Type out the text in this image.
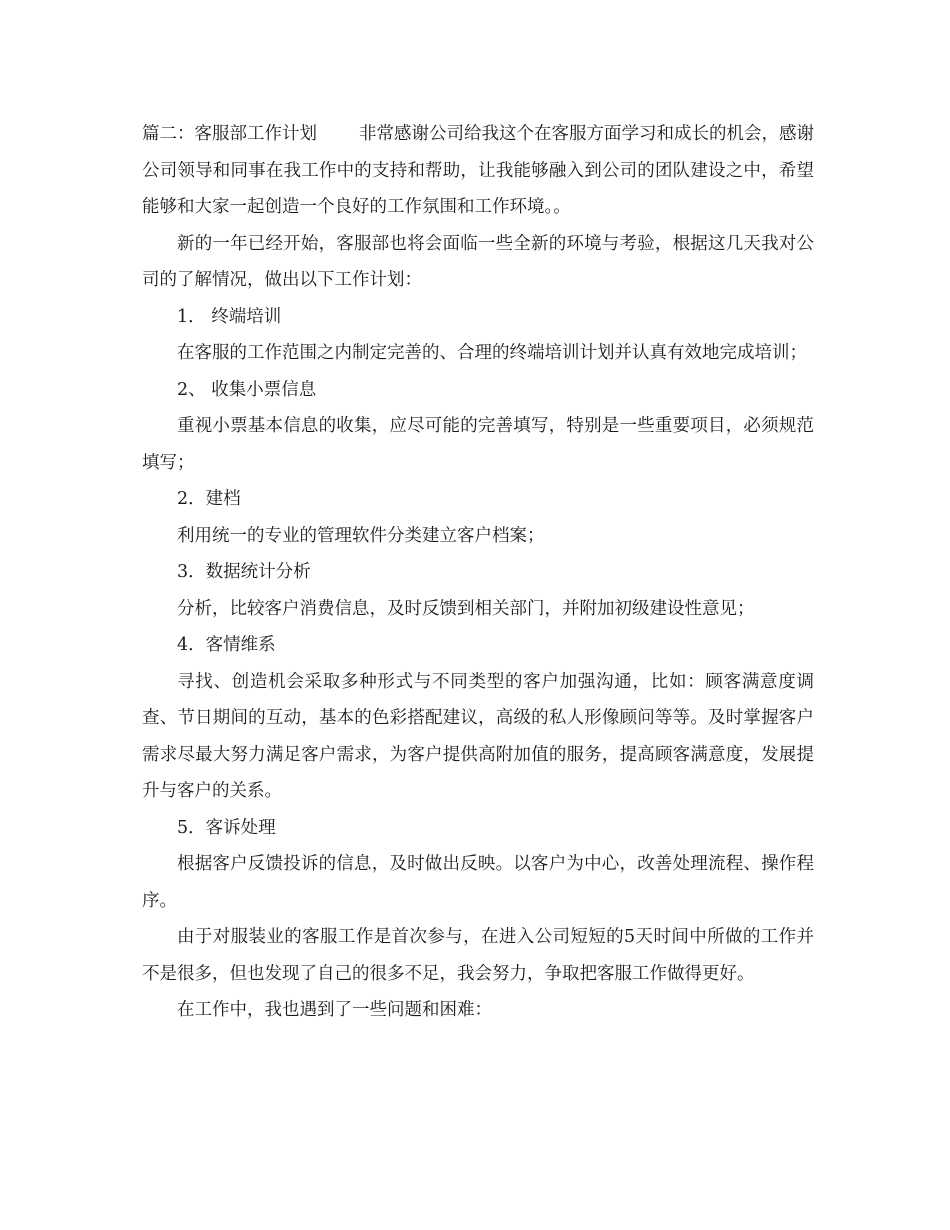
篇二：客服部工作计划 非常感谢公司给我这个在客服方面学习和成长的机会，感谢公司领导和同事在我工作中的支持和帮助，让我能够融入到公司的团队建设之中，希望能够和大家一起创造一个良好的工作氛围和工作环境。。

新的一年已经开始，客服部也将会面临一些全新的环境与考验，根据这几天我对公司的了解情况，做出以下工作计划：

1． 终端培训

在客服的工作范围之内制定完善的、合理的终端培训计划并认真有效地完成培训；

2、 收集小票信息

重视小票基本信息的收集，应尽可能的完善填写，特别是一些重要项目，必须规范填写；

2．建档

利用统一的专业的管理软件分类建立客户档案；

3．数据统计分析

分析，比较客户消费信息，及时反馈到相关部门，并附加初级建设性意见；

4．客情维系

寻找、创造机会采取多种形式与不同类型的客户加强沟通，比如：顾客满意度调查、节日期间的互动，基本的色彩搭配建议，高级的私人形像顾问等等。及时掌握客户需求尽最大努力满足客户需求，为客户提供高附加值的服务，提高顾客满意度，发展提升与客户的关系。

5．客诉处理

根据客户反馈投诉的信息，及时做出反映。以客户为中心，改善处理流程、操作程序。

由于对服装业的客服工作是首次参与，在进入公司短短的5天时间中所做的工作并不是很多，但也发现了自己的很多不足，我会努力，争取把客服工作做得更好。

在工作中，我也遇到了一些问题和困难：
